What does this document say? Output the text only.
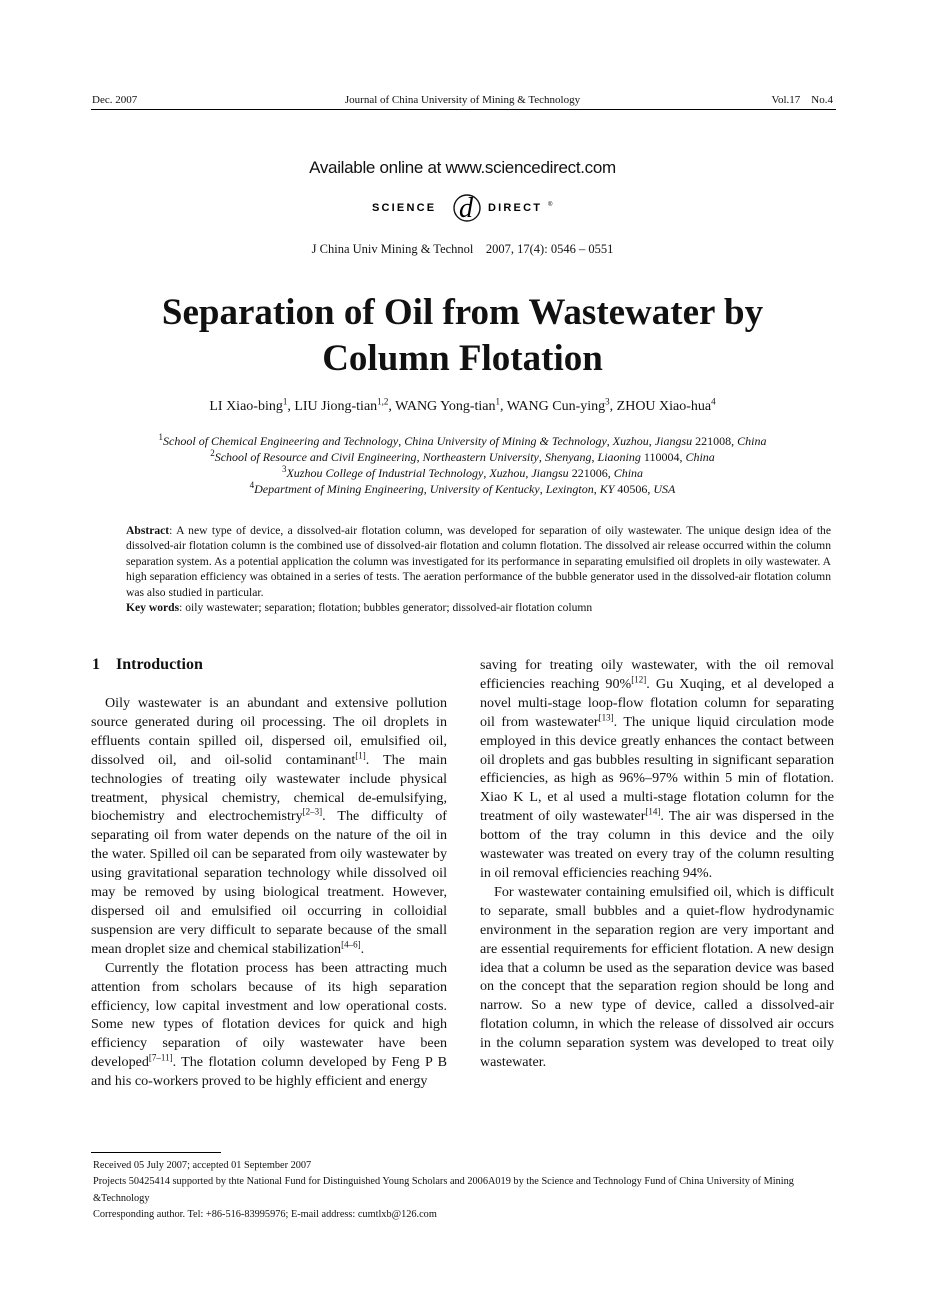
Dec. 2007	Journal of China University of Mining & Technology	Vol.17    No.4
Available online at www.sciencedirect.com
SCIENCE d DIRECT ®
J China Univ Mining & Technol    2007, 17(4): 0546 – 0551
Separation of Oil from Wastewater by
Column Flotation
LI Xiao-bing$^1$, LIU Jiong-tian$^{1,2}$, WANG Yong-tian$^1$, WANG Cun-ying$^3$, ZHOU Xiao-hua$^4$
$^1$School of Chemical Engineering and Technology, China University of Mining & Technology, Xuzhou, Jiangsu 221008, China
$^2$School of Resource and Civil Engineering, Northeastern University, Shenyang, Liaoning 110004, China
$^3$Xuzhou College of Industrial Technology, Xuzhou, Jiangsu 221006, China
$^4$Department of Mining Engineering, University of Kentucky, Lexington, KY 40506, USA
Abstract: A new type of device, a dissolved-air flotation column, was developed for separation of oily wastewater. The unique design idea of the dissolved-air flotation column is the combined use of dissolved-air flotation and column flotation. The dissolved air release occurred within the column separation system. As a potential application the column was investigated for its performance in separating emulsified oil droplets in oily wastewater. A high separation efficiency was obtained in a series of tests. The aeration performance of the bubble generator used in the dissolved-air flotation column was also studied in particular.
Key words: oily wastewater; separation; flotation; bubbles generator; dissolved-air flotation column
1 Introduction

Oily wastewater is an abundant and extensive pollution source generated during oil processing. The oil droplets in effluents contain spilled oil, dispersed oil, emulsified oil, dissolved oil, and oil-solid contaminant[1]. The main technologies of treating oily wastewater include physical treatment, physical chemistry, chemical de-emulsifying, biochemistry and electrochemistry[2–3]. The difficulty of separating oil from water depends on the nature of the oil in the water. Spilled oil can be separated from oily wastewater by using gravitational separation technology while dissolved oil may be removed by using biological treatment. However, dispersed oil and emulsified oil occurring in colloidial suspension are very difficult to separate because of the small mean droplet size and chemical stabilization[4–6].

Currently the flotation process has been attracting much attention from scholars because of its high separation efficiency, low capital investment and low operational costs. Some new types of flotation devices for quick and high efficiency separation of oily wastewater have been developed[7–11]. The flotation column developed by Feng P B and his co-workers proved to be highly efficient and energy

saving for treating oily wastewater, with the oil removal efficiencies reaching 90%[12]. Gu Xuqing, et al developed a novel multi-stage loop-flow flotation column for separating oil from wastewater[13]. The unique liquid circulation mode employed in this device greatly enhances the contact between oil droplets and gas bubbles resulting in significant separation efficiencies, as high as 96%–97% within 5 min of flotation. Xiao K L, et al used a multi-stage flotation column for the treatment of oily wastewater[14]. The air was dispersed in the bottom of the tray column in this device and the oily wastewater was treated on every tray of the column resulting in oil removal efficiencies reaching 94%.

For wastewater containing emulsified oil, which is difficult to separate, small bubbles and a quiet-flow hydrodynamic environment in the separation region are very important and are essential requirements for efficient flotation. A new design idea that a column be used as the separation device was based on the concept that the separation region should be long and narrow. So a new type of device, called a dissolved-air flotation column, in which the release of dissolved air occurs in the column separation system was developed to treat oily wastewater.

Received 05 July 2007; accepted 01 September 2007
Projects 50425414 supported by thte National Fund for Distinguished Young Scholars and 2006A019 by the Science and Technology Fund of China University of Mining &Technology
Corresponding author. Tel: +86-516-83995976; E-mail address: cumtlxb@126.com
